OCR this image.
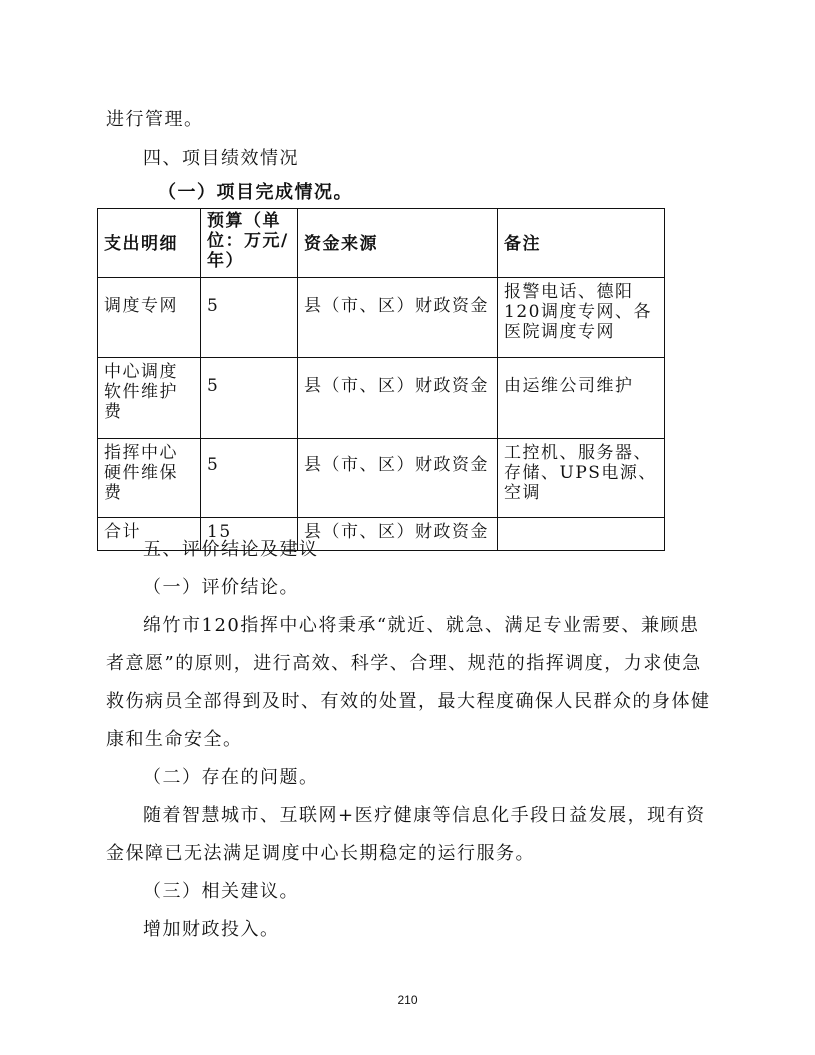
进行管理。
四、项目绩效情况
（一）项目完成情况。
支出明细	预算（单位：万元/年）	资金来源	备注
调度专网	5	县（市、区）财政资金	报警电话、德阳120调度专网、各医院调度专网
中心调度软件维护费	5	县（市、区）财政资金	由运维公司维护
指挥中心硬件维保费	5	县（市、区）财政资金	工控机、服务器、存储、UPS电源、空调
合计	15	县（市、区）财政资金	
五、评价结论及建议
（一）评价结论。
绵竹市120指挥中心将秉承“就近、就急、满足专业需要、兼顾患
者意愿”的原则，进行高效、科学、合理、规范的指挥调度，力求使急
救伤病员全部得到及时、有效的处置，最大程度确保人民群众的身体健
康和生命安全。
（二）存在的问题。
随着智慧城市、互联网+医疗健康等信息化手段日益发展，现有资
金保障已无法满足调度中心长期稳定的运行服务。
（三）相关建议。
增加财政投入。
210
